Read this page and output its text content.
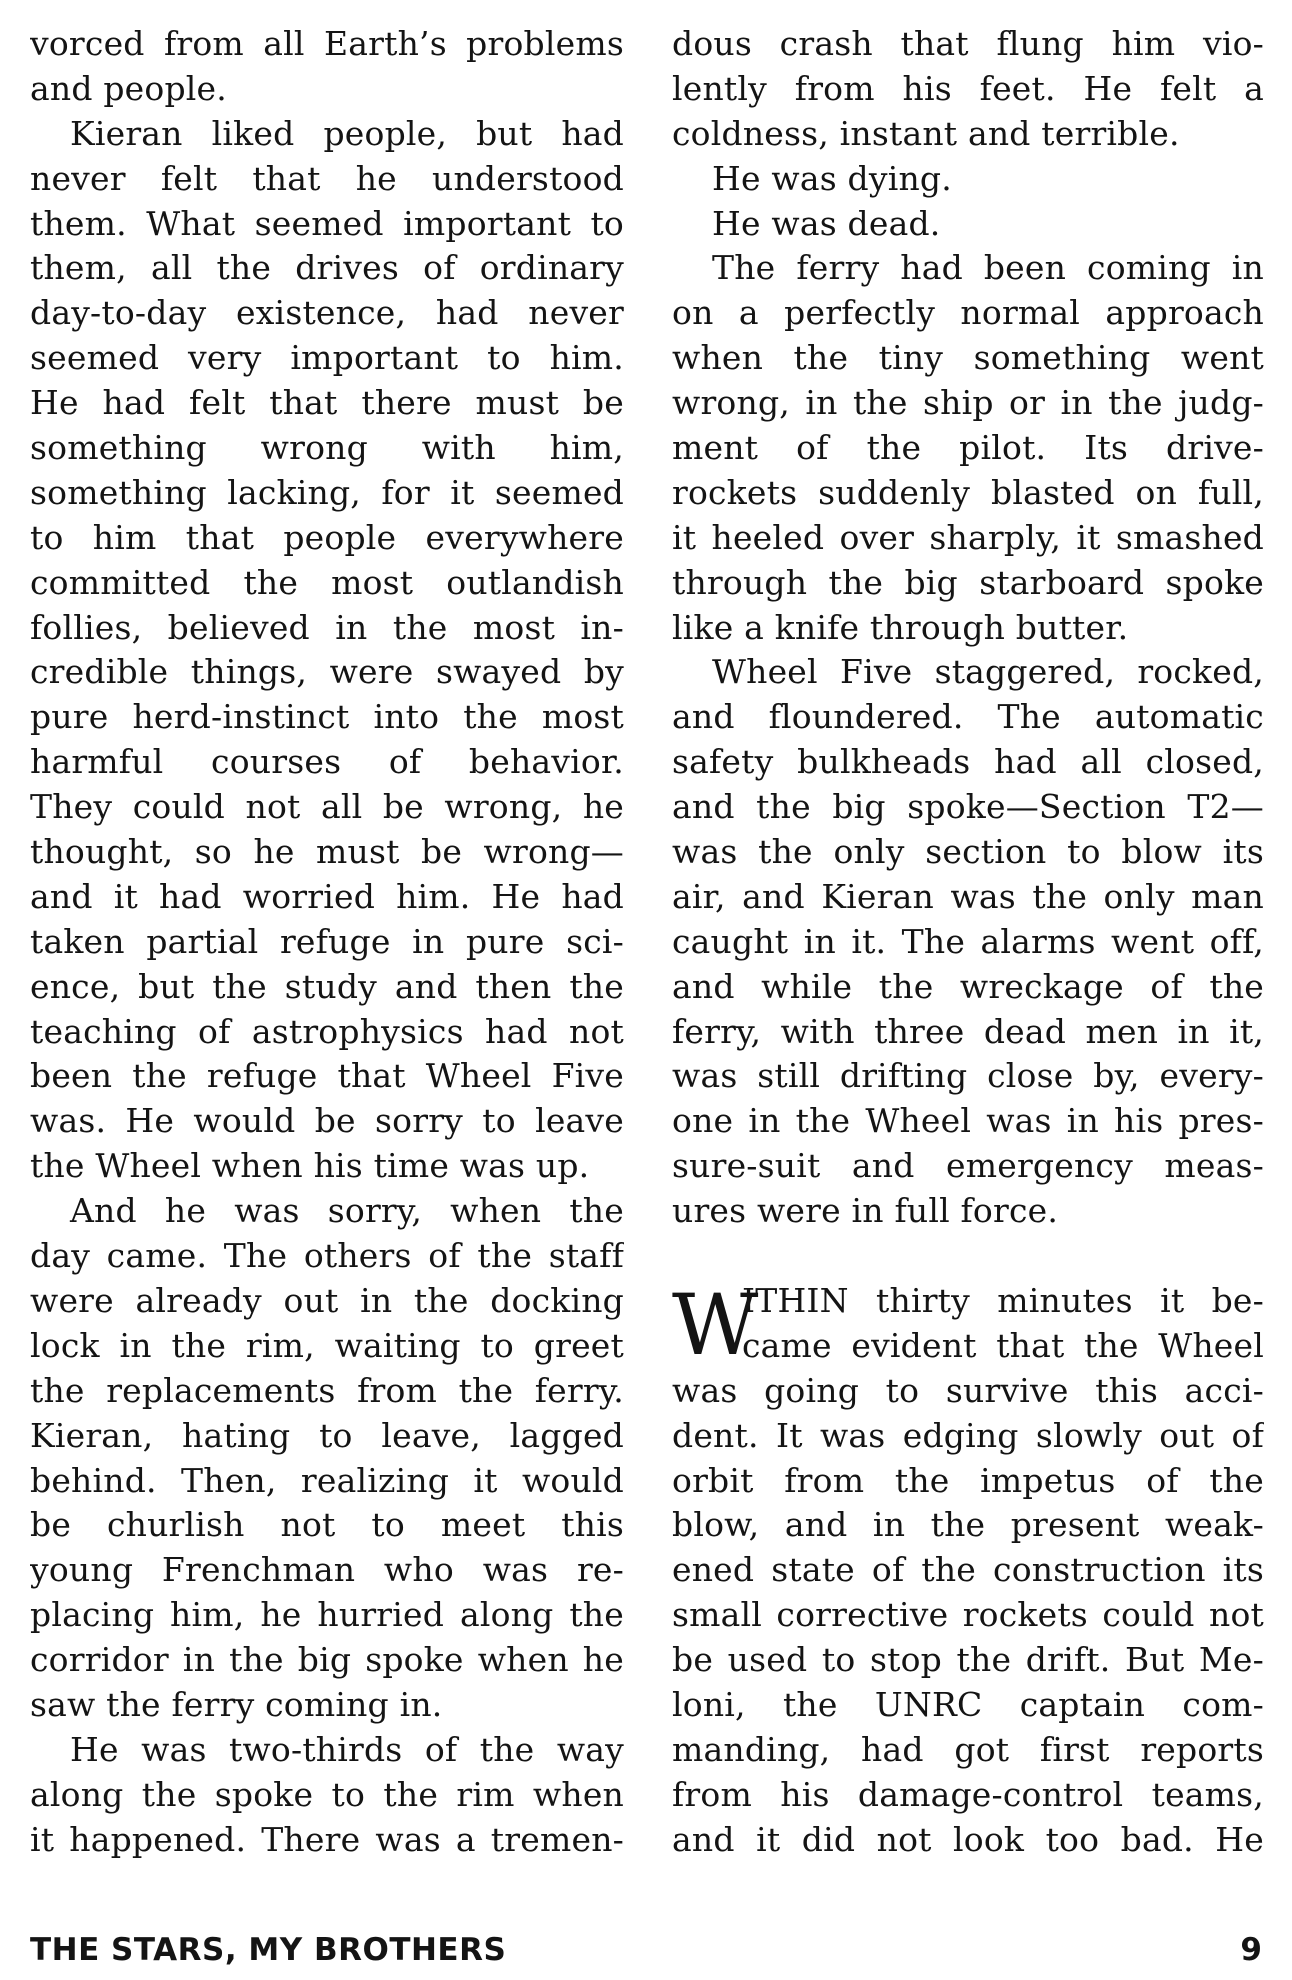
vorced from all Earth’s problems
and people.
Kieran liked people, but had
never felt that he understood
them. What seemed important to
them, all the drives of ordinary
day-to-day existence, had never
seemed very important to him.
He had felt that there must be
something wrong with him,
something lacking, for it seemed
to him that people everywhere
committed the most outlandish
follies, believed in the most in-
credible things, were swayed by
pure herd-instinct into the most
harmful courses of behavior.
They could not all be wrong, he
thought, so he must be wrong—
and it had worried him. He had
taken partial refuge in pure sci-
ence, but the study and then the
teaching of astrophysics had not
been the refuge that Wheel Five
was. He would be sorry to leave
the Wheel when his time was up.
And he was sorry, when the
day came. The others of the staff
were already out in the docking
lock in the rim, waiting to greet
the replacements from the ferry.
Kieran, hating to leave, lagged
behind. Then, realizing it would
be churlish not to meet this
young Frenchman who was re-
placing him, he hurried along the
corridor in the big spoke when he
saw the ferry coming in.
He was two-thirds of the way
along the spoke to the rim when
it happened. There was a tremen-
dous crash that flung him vio-
lently from his feet. He felt a
coldness, instant and terrible.
He was dying.
He was dead.
The ferry had been coming in
on a perfectly normal approach
when the tiny something went
wrong, in the ship or in the judg-
ment of the pilot. Its drive-
rockets suddenly blasted on full,
it heeled over sharply, it smashed
through the big starboard spoke
like a knife through butter.
Wheel Five staggered, rocked,
and floundered. The automatic
safety bulkheads had all closed,
and the big spoke—Section T2—
was the only section to blow its
air, and Kieran was the only man
caught in it. The alarms went off,
and while the wreckage of the
ferry, with three dead men in it,
was still drifting close by, every-
one in the Wheel was in his pres-
sure-suit and emergency meas-
ures were in full force.
W
ITHIN thirty minutes it be-
came evident that the Wheel
was going to survive this acci-
dent. It was edging slowly out of
orbit from the impetus of the
blow, and in the present weak-
ened state of the construction its
small corrective rockets could not
be used to stop the drift. But Me-
loni, the UNRC captain com-
manding, had got first reports
from his damage-control teams,
and it did not look too bad. He
THE STARS, MY BROTHERS	9
